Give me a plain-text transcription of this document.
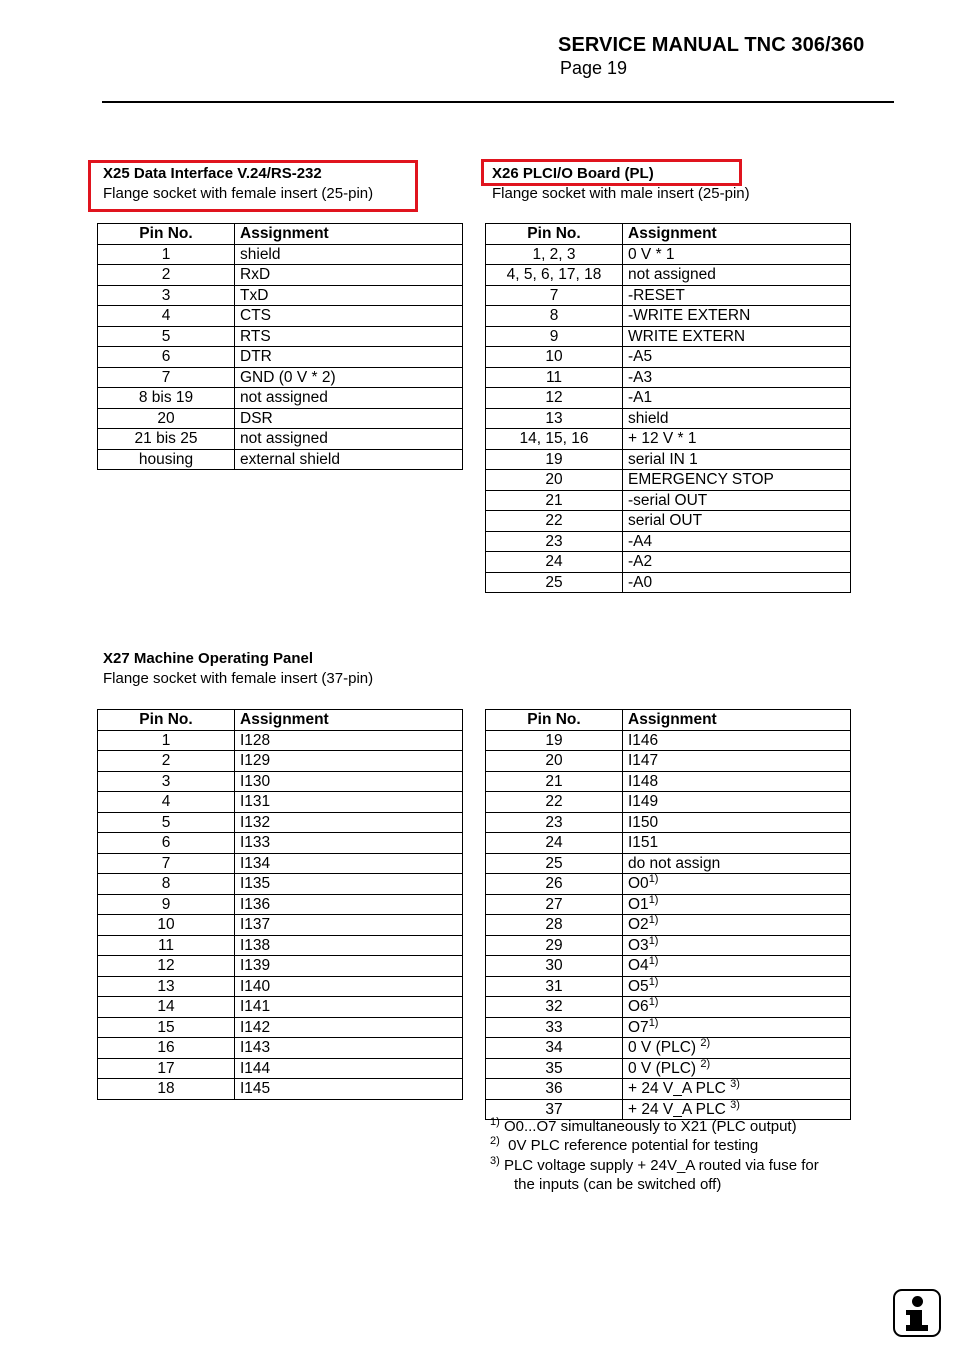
SERVICE MANUAL TNC 306/360
Page 19
X25 Data Interface V.24/RS-232
Flange socket with female insert (25-pin)
X26 PLCI/O Board (PL)
Flange socket with male insert (25-pin)
Pin No.	Assignment
1	shield
2	RxD
3	TxD
4	CTS
5	RTS
6	DTR
7	GND (0 V * 2)
8 bis 19	not assigned
20	DSR
21 bis 25	not assigned
housing	external shield
Pin No.	Assignment
1, 2, 3	0 V * 1
4, 5, 6, 17, 18	not assigned
7	-RESET
8	-WRITE EXTERN
9	WRITE EXTERN
10	-A5
11	-A3
12	-A1
13	shield
14, 15, 16	+ 12 V * 1
19	serial IN 1
20	EMERGENCY STOP
21	-serial OUT
22	serial OUT
23	-A4
24	-A2
25	-A0
X27 Machine Operating Panel
Flange socket with female insert (37-pin)
Pin No.	Assignment
1	I128
2	I129
3	I130
4	I131
5	I132
6	I133
7	I134
8	I135
9	I136
10	I137
11	I138
12	I139
13	I140
14	I141
15	I142
16	I143
17	I144
18	I145
Pin No.	Assignment
19	I146
20	I147
21	I148
22	I149
23	I150
24	I151
25	do not assign
26	O0$^{1)}$
27	O1$^{1)}$
28	O2$^{1)}$
29	O3$^{1)}$
30	O4$^{1)}$
31	O5$^{1)}$
32	O6$^{1)}$
33	O7$^{1)}$
34	0 V (PLC) $^{2)}$
35	0 V (PLC) $^{2)}$
36	+ 24 V_A PLC $^{3)}$
37	+ 24 V_A PLC $^{3)}$
$^{1)}$ O0...O7 simultaneously to X21 (PLC output)
$^{2)}$ 0V PLC reference potential for testing
$^{3)}$ PLC voltage supply + 24V_A routed via fuse for
the inputs (can be switched off)
